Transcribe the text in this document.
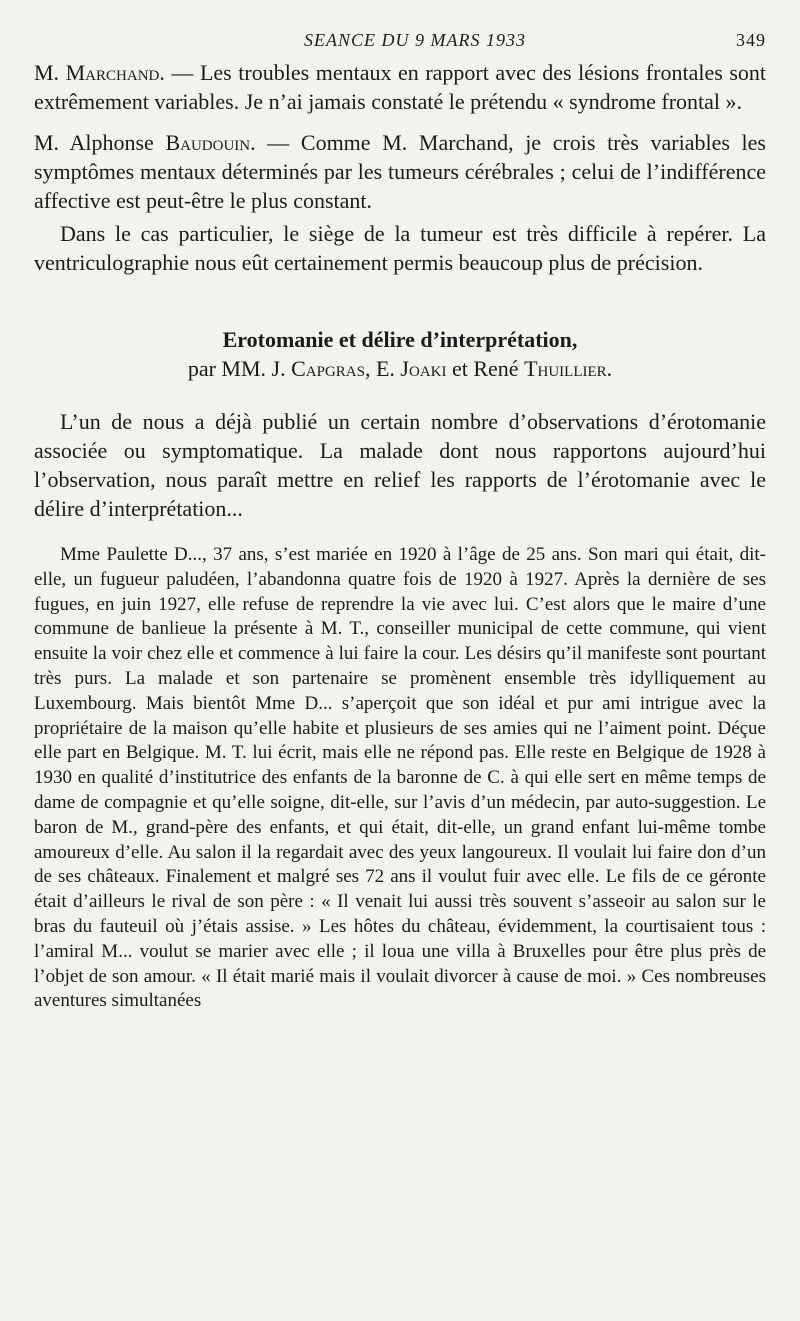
SEANCE DU 9 MARS 1933	349

M. Marchand. — Les troubles mentaux en rapport avec des lésions frontales sont extrêmement variables. Je n’ai jamais constaté le prétendu « syndrome frontal ».

M. Alphonse Baudouin. — Comme M. Marchand, je crois très variables les symptômes mentaux déterminés par les tumeurs cérébrales ; celui de l’indifférence affective est peut-être le plus constant.

Dans le cas particulier, le siège de la tumeur est très difficile à repérer. La ventriculographie nous eût certainement permis beaucoup plus de précision.

Erotomanie et délire d’interprétation,
par MM. J. Capgras, E. Joaki et René Thuillier.

L’un de nous a déjà publié un certain nombre d’observations d’érotomanie associée ou symptomatique. La malade dont nous rapportons aujourd’hui l’observation, nous paraît mettre en relief les rapports de l’érotomanie avec le délire d’interprétation...

Mme Paulette D..., 37 ans, s’est mariée en 1920 à l’âge de 25 ans. Son mari qui était, dit-elle, un fugueur paludéen, l’abandonna quatre fois de 1920 à 1927. Après la dernière de ses fugues, en juin 1927, elle refuse de reprendre la vie avec lui. C’est alors que le maire d’une commune de banlieue la présente à M. T., conseiller municipal de cette commune, qui vient ensuite la voir chez elle et commence à lui faire la cour. Les désirs qu’il manifeste sont pourtant très purs. La malade et son partenaire se promènent ensemble très idylliquement au Luxembourg. Mais bientôt Mme D... s’aperçoit que son idéal et pur ami intrigue avec la propriétaire de la maison qu’elle habite et plusieurs de ses amies qui ne l’aiment point. Déçue elle part en Belgique. M. T. lui écrit, mais elle ne répond pas. Elle reste en Belgique de 1928 à 1930 en qualité d’institutrice des enfants de la baronne de C. à qui elle sert en même temps de dame de compagnie et qu’elle soigne, dit-elle, sur l’avis d’un médecin, par auto-suggestion. Le baron de M., grand-père des enfants, et qui était, dit-elle, un grand enfant lui-même tombe amoureux d’elle. Au salon il la regardait avec des yeux langoureux. Il voulait lui faire don d’un de ses châteaux. Finalement et malgré ses 72 ans il voulut fuir avec elle. Le fils de ce géronte était d’ailleurs le rival de son père : « Il venait lui aussi très souvent s’asseoir au salon sur le bras du fauteuil où j’étais assise. » Les hôtes du château, évidemment, la courtisaient tous : l’amiral M... voulut se marier avec elle ; il loua une villa à Bruxelles pour être plus près de l’objet de son amour. « Il était marié mais il voulait divorcer à cause de moi. » Ces nombreuses aventures simultanées
